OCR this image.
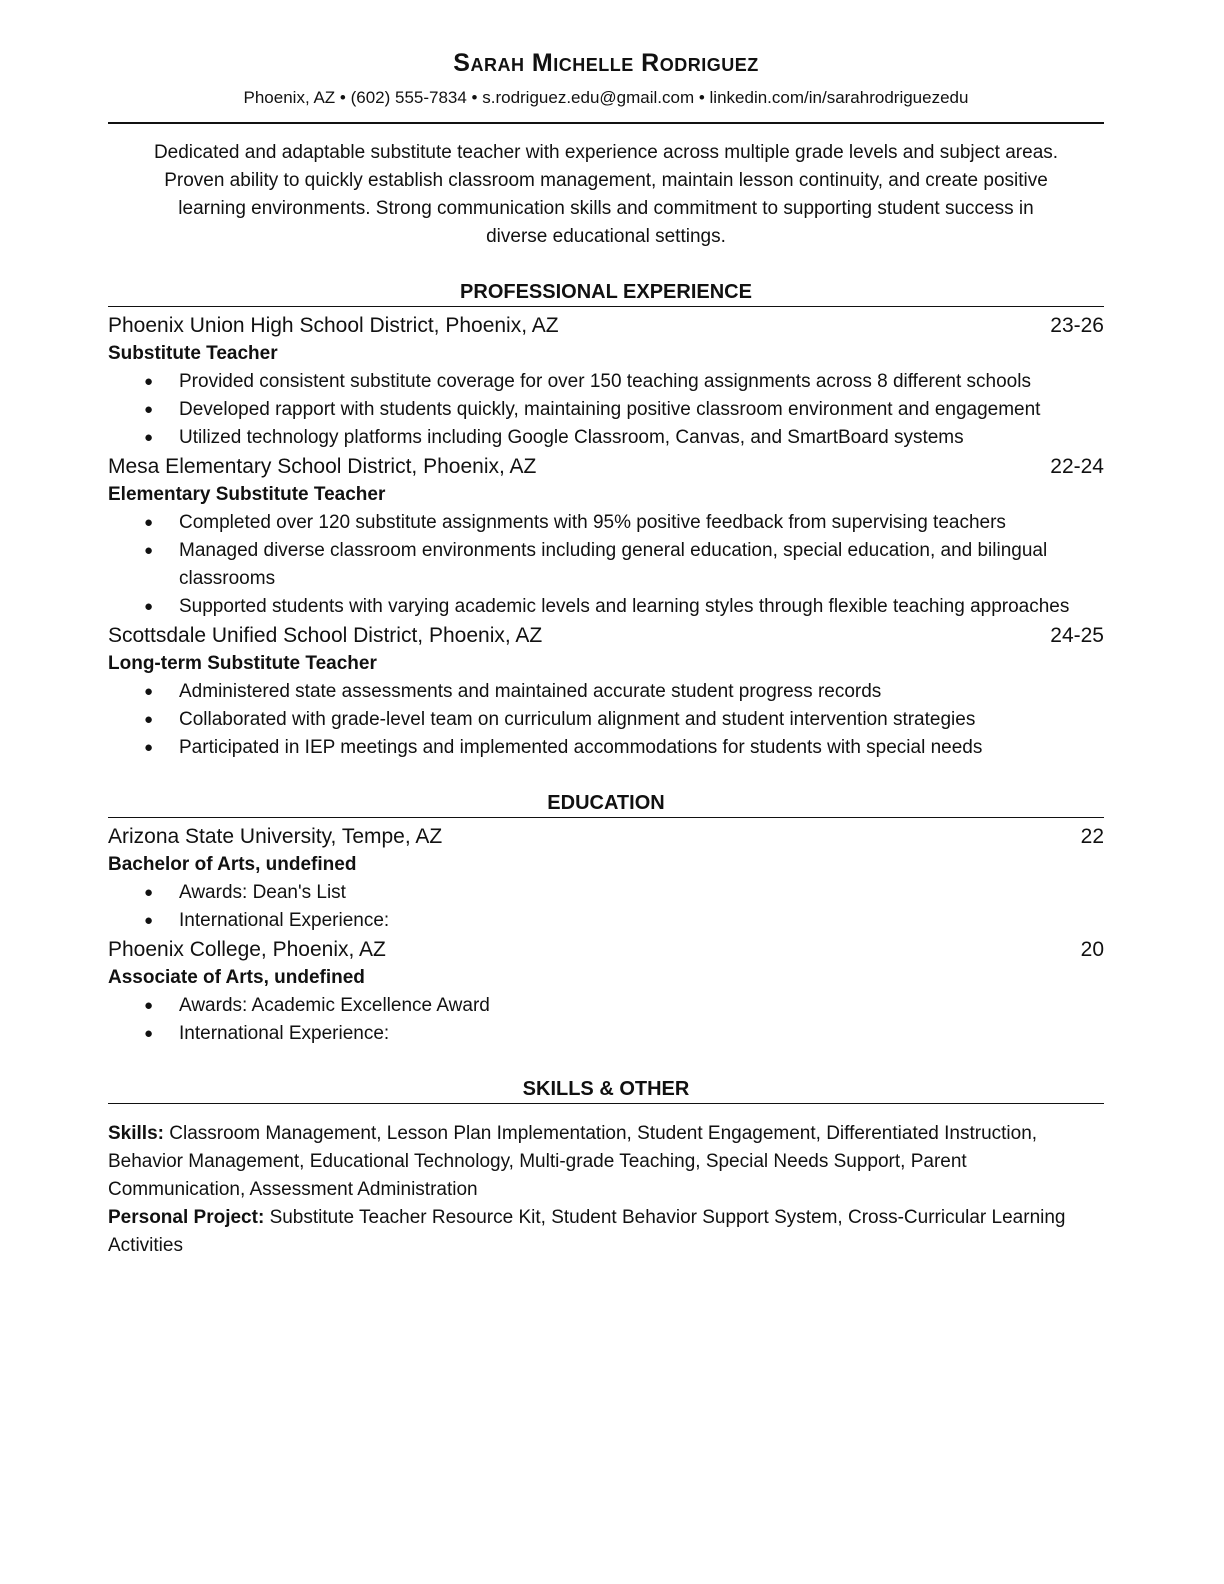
Sarah Michelle Rodriguez
Phoenix, AZ • (602) 555-7834 • s.rodriguez.edu@gmail.com • linkedin.com/in/sarahrodriguezedu
Dedicated and adaptable substitute teacher with experience across multiple grade levels and subject areas. Proven ability to quickly establish classroom management, maintain lesson continuity, and create positive learning environments. Strong communication skills and commitment to supporting student success in diverse educational settings.
PROFESSIONAL EXPERIENCE
Phoenix Union High School District, Phoenix, AZ	23-26
Substitute Teacher
● Provided consistent substitute coverage for over 150 teaching assignments across 8 different schools
● Developed rapport with students quickly, maintaining positive classroom environment and engagement
● Utilized technology platforms including Google Classroom, Canvas, and SmartBoard systems
Mesa Elementary School District, Phoenix, AZ	22-24
Elementary Substitute Teacher
● Completed over 120 substitute assignments with 95% positive feedback from supervising teachers
● Managed diverse classroom environments including general education, special education, and bilingual classrooms
● Supported students with varying academic levels and learning styles through flexible teaching approaches
Scottsdale Unified School District, Phoenix, AZ	24-25
Long-term Substitute Teacher
● Administered state assessments and maintained accurate student progress records
● Collaborated with grade-level team on curriculum alignment and student intervention strategies
● Participated in IEP meetings and implemented accommodations for students with special needs
EDUCATION
Arizona State University, Tempe, AZ	22
Bachelor of Arts, undefined
● Awards: Dean's List
● International Experience:
Phoenix College, Phoenix, AZ	20
Associate of Arts, undefined
● Awards: Academic Excellence Award
● International Experience:
SKILLS & OTHER
Skills: Classroom Management, Lesson Plan Implementation, Student Engagement, Differentiated Instruction, Behavior Management, Educational Technology, Multi-grade Teaching, Special Needs Support, Parent Communication, Assessment Administration
Personal Project: Substitute Teacher Resource Kit, Student Behavior Support System, Cross-Curricular Learning Activities
